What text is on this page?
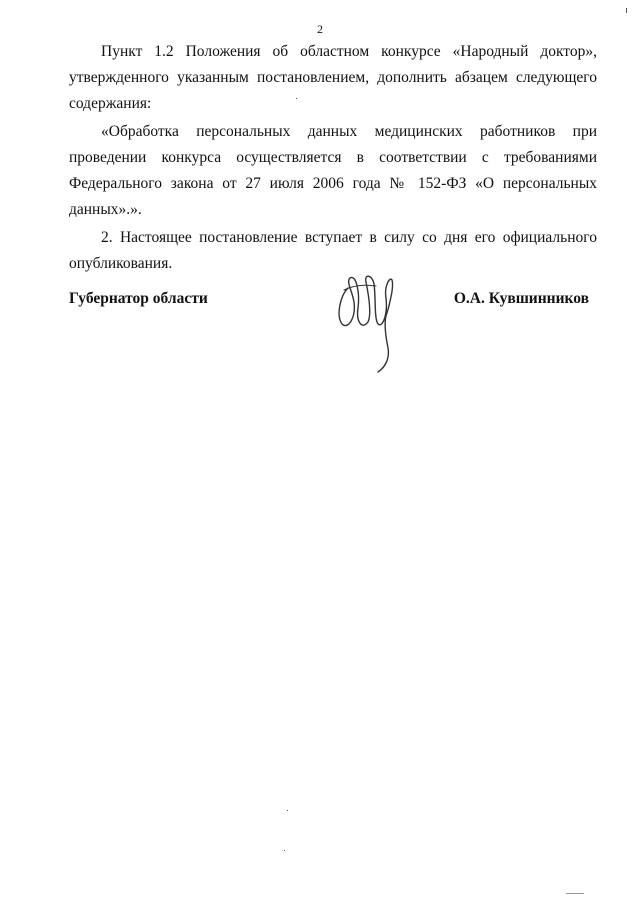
2

Пункт 1.2 Положения об областном конкурсе «Народный доктор», утвержденного указанным постановлением, дополнить абзацем следующего содержания:

«Обработка персональных данных медицинских работников при проведении конкурса осуществляется в соответствии с требованиями Федерального закона от 27 июля 2006 года № 152-ФЗ «О персональных данных».».

2. Настоящее постановление вступает в силу со дня его официального опубликования.

Губернатор области	О.А. Кувшинников
